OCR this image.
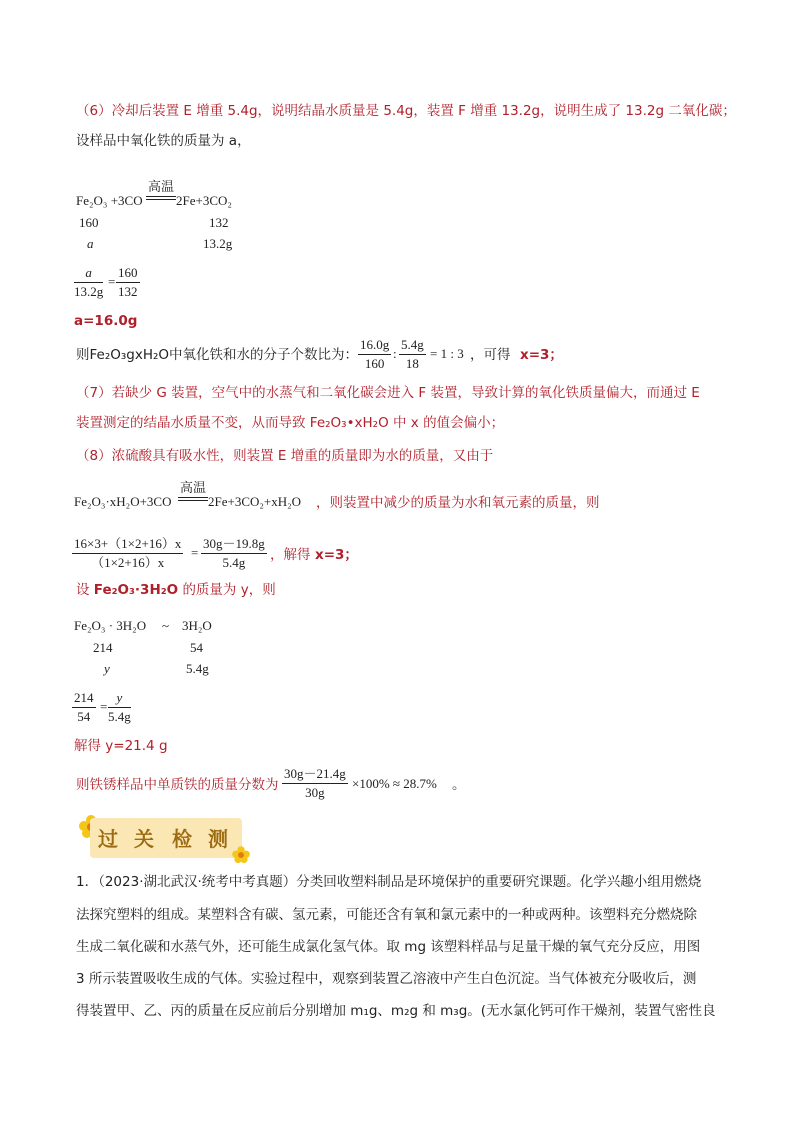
（6）冷却后装置 E 增重 5.4g，说明结晶水质量是 5.4g，装置 F 增重 13.2g，说明生成了 13.2g 二氧化碳；
设样品中氧化铁的质量为 a，
Fe₂O₃ +3CO
高温
2Fe+3CO₂
160	132
a	13.2g
$\frac{a}{13.2g} = \frac{160}{132}$
a=16.0g
则Fe₂O₃gxH₂O中氧化铁和水的分子个数比为： $\frac{16.0g}{160}$ : $\frac{5.4g}{18} = 1$ : 3 ，可得 x=3；
（7）若缺少 G 装置，空气中的水蒸气和二氧化碳会进入 F 装置，导致计算的氧化铁质量偏大，而通过 E
装置测定的结晶水质量不变，从而导致 Fe₂O₃•xH₂O 中 x 的值会偏小；
（8）浓硫酸具有吸水性，则装置 E 增重的质量即为水的质量，又由于
Fe₂O₃·xH₂O+3CO
高温
2Fe+3CO₂+xH₂O ，则装置中减少的质量为水和氧元素的质量，则
$\frac{16\times 3+(1\times 2+16)x}{(1\times 2+16)x} = \frac{30g-19.8g}{5.4g}$ ，解得 x=3；
设 Fe₂O₃·3H₂O 的质量为 y，则
Fe₂O₃ · 3H₂O ~ 3H₂O
214	54
y	5.4g
$\frac{214}{54} = \frac{y}{5.4g}$
解得 y=21.4 g
则铁锈样品中单质铁的质量分数为 $\frac{30g-21.4g}{30g} \times 100\% \approx 28.7\%$ 。
过 关 检 测
1．（2023·湖北武汉·统考中考真题）分类回收塑料制品是环境保护的重要研究课题。化学兴趣小组用燃烧
法探究塑料的组成。某塑料含有碳、氢元素，可能还含有氧和氯元素中的一种或两种。该塑料充分燃烧除
生成二氧化碳和水蒸气外，还可能生成氯化氢气体。取 mg 该塑料样品与足量干燥的氧气充分反应，用图
3 所示装置吸收生成的气体。实验过程中，观察到装置乙溶液中产生白色沉淀。当气体被充分吸收后，测
得装置甲、乙、丙的质量在反应前后分别增加 m₁g、m₂g 和 m₃g。(无水氯化钙可作干燥剂，装置气密性良
